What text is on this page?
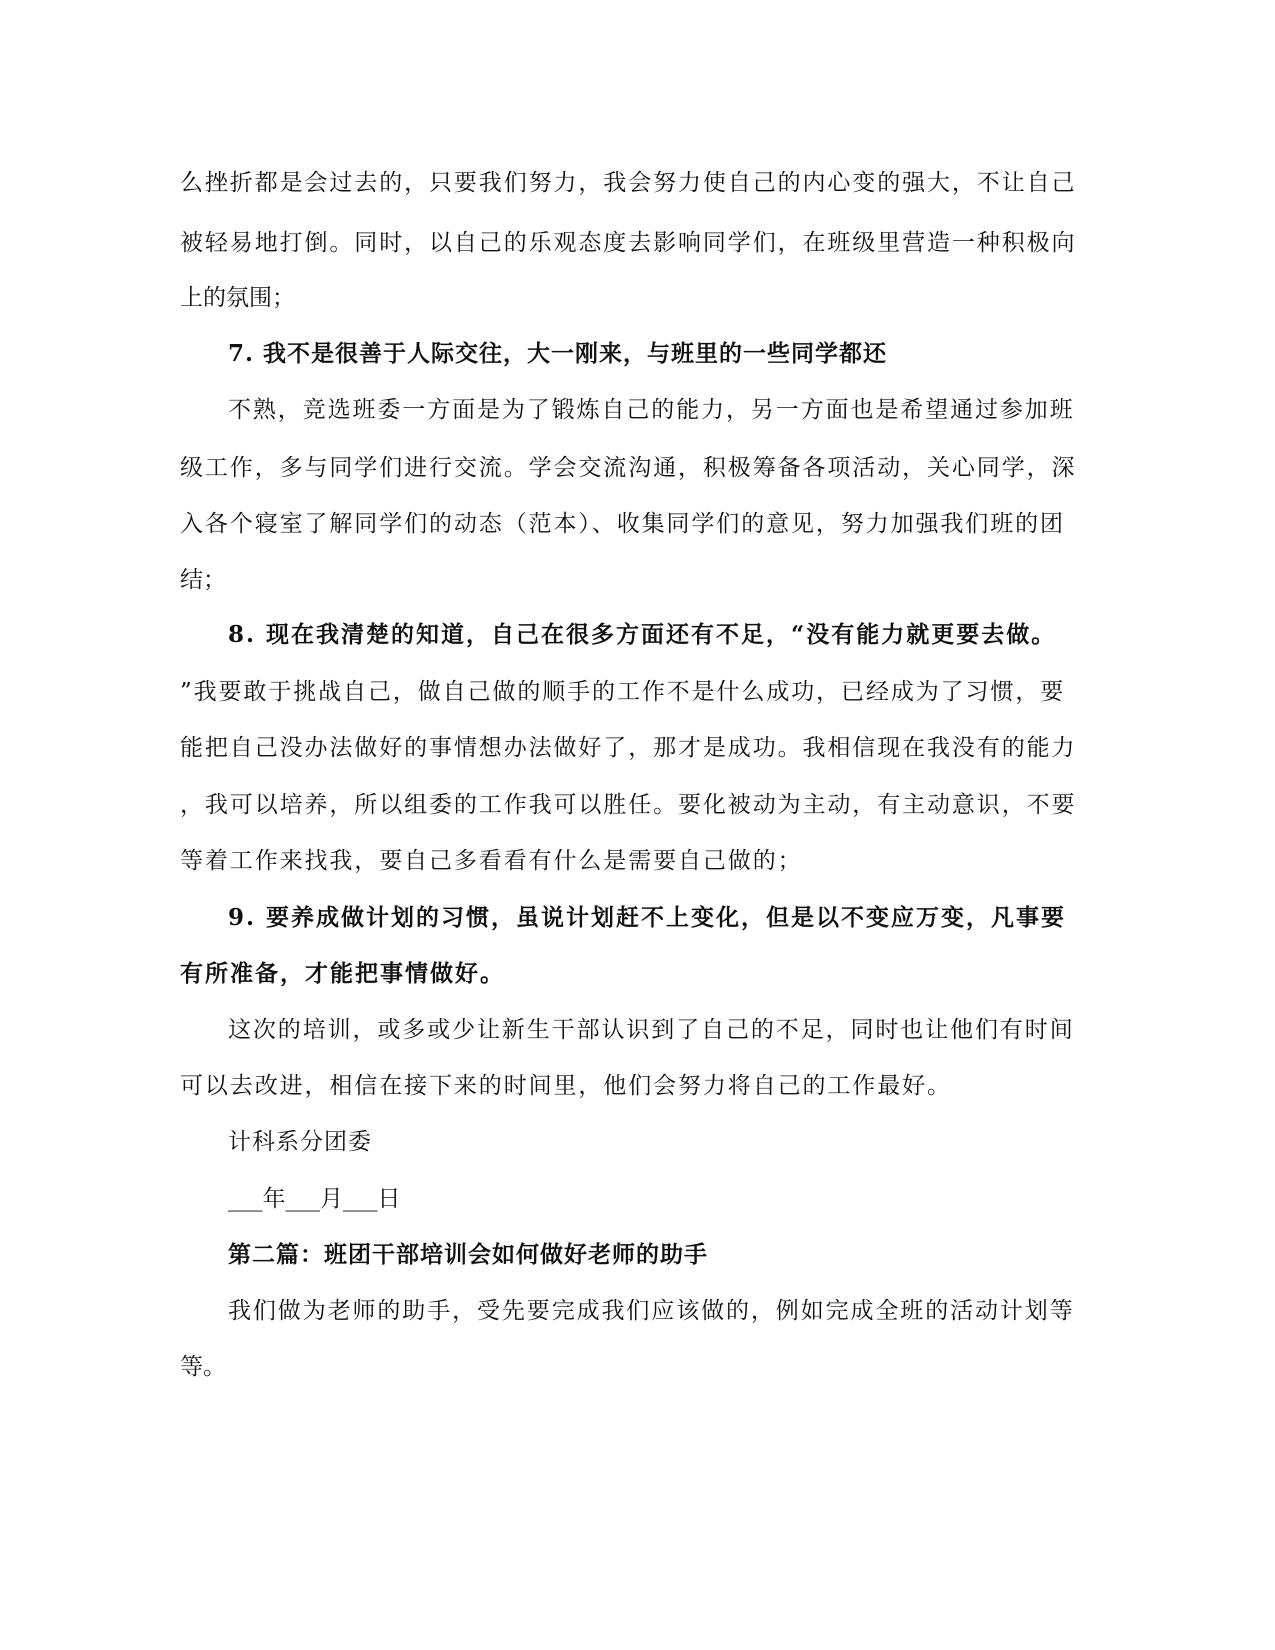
么挫折都是会过去的，只要我们努力，我会努力使自己的内心变的强大，不让自己
被轻易地打倒。同时，以自己的乐观态度去影响同学们，在班级里营造一种积极向
上的氛围；
7. 我不是很善于人际交往，大一刚来，与班里的一些同学都还
不熟，竞选班委一方面是为了锻炼自己的能力，另一方面也是希望通过参加班
级工作，多与同学们进行交流。学会交流沟通，积极筹备各项活动，关心同学，深
入各个寝室了解同学们的动态（范本）、收集同学们的意见，努力加强我们班的团
结；
8. 现在我清楚的知道，自己在很多方面还有不足，“没有能力就更要去做。
”我要敢于挑战自己，做自己做的顺手的工作不是什么成功，已经成为了习惯，要
能把自己没办法做好的事情想办法做好了，那才是成功。我相信现在我没有的能力
，我可以培养，所以组委的工作我可以胜任。要化被动为主动，有主动意识，不要
等着工作来找我，要自己多看看有什么是需要自己做的；
9. 要养成做计划的习惯，虽说计划赶不上变化，但是以不变应万变，凡事要
有所准备，才能把事情做好。
这次的培训，或多或少让新生干部认识到了自己的不足，同时也让他们有时间
可以去改进，相信在接下来的时间里，他们会努力将自己的工作最好。
计科系分团委
___年___月___日
第二篇：班团干部培训会如何做好老师的助手
我们做为老师的助手，受先要完成我们应该做的，例如完成全班的活动计划等
等。
